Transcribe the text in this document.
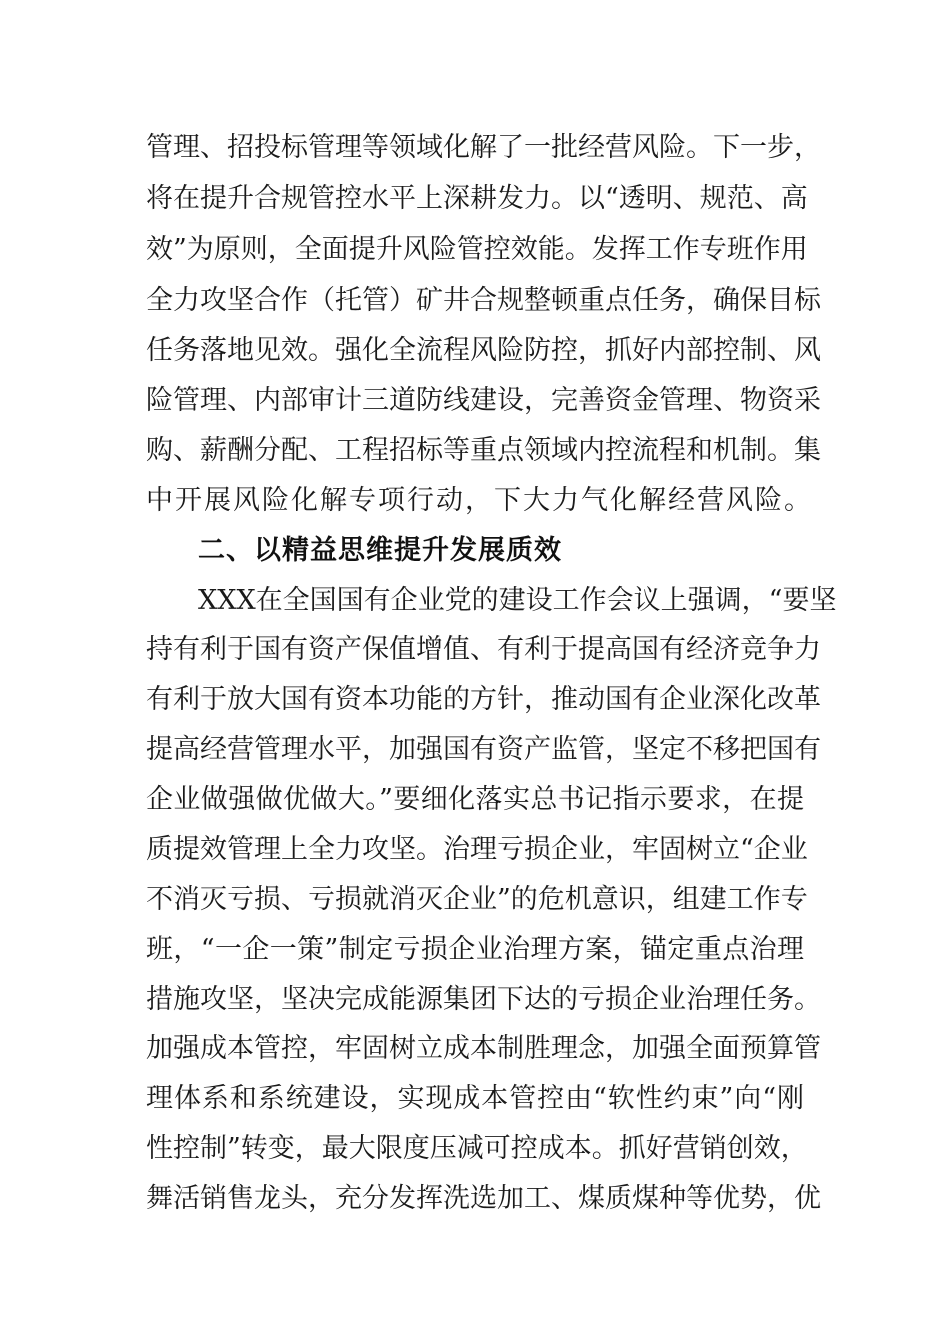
管理、招投标管理等领域化解了一批经营风险。下一步，
将在提升合规管控水平上深耕发力。以“透明、规范、高
效”为原则，全面提升风险管控效能。发挥工作专班作用
全力攻坚合作（托管）矿井合规整顿重点任务，确保目标
任务落地见效。强化全流程风险防控，抓好内部控制、风
险管理、内部审计三道防线建设，完善资金管理、物资采
购、薪酬分配、工程招标等重点领域内控流程和机制。集
中开展风险化解专项行动，下大力气化解经营风险。
二、以精益思维提升发展质效
XXX在全国国有企业党的建设工作会议上强调，“要坚
持有利于国有资产保值增值、有利于提高国有经济竞争力
有利于放大国有资本功能的方针，推动国有企业深化改革
提高经营管理水平，加强国有资产监管，坚定不移把国有
企业做强做优做大。”要细化落实总书记指示要求，在提
质提效管理上全力攻坚。治理亏损企业，牢固树立“企业
不消灭亏损、亏损就消灭企业”的危机意识，组建工作专
班，“一企一策”制定亏损企业治理方案，锚定重点治理
措施攻坚，坚决完成能源集团下达的亏损企业治理任务。
加强成本管控，牢固树立成本制胜理念，加强全面预算管
理体系和系统建设，实现成本管控由“软性约束”向“刚
性控制”转变，最大限度压减可控成本。抓好营销创效，
舞活销售龙头，充分发挥洗选加工、煤质煤种等优势，优
